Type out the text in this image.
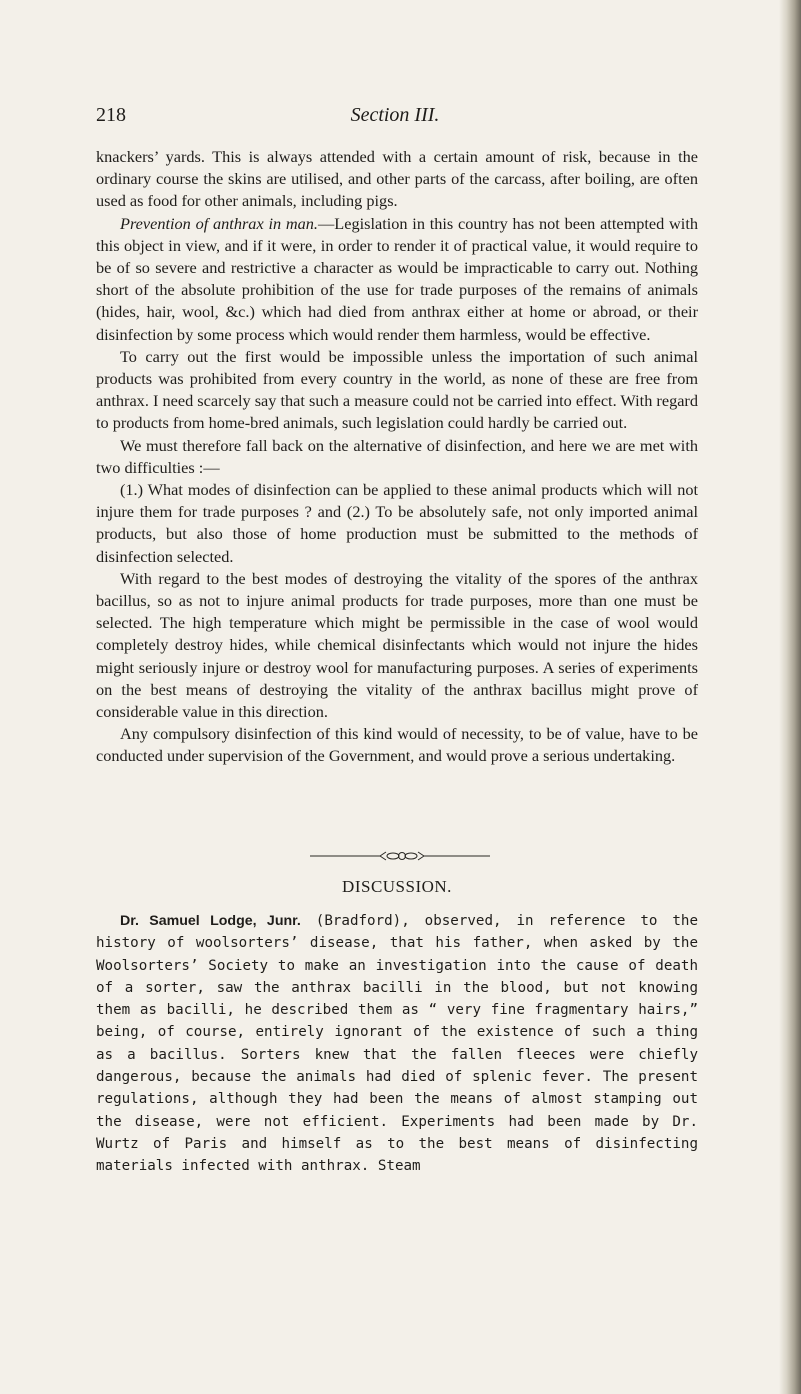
218	Section III.

knackers’ yards. This is always attended with a certain amount of risk, because in the ordinary course the skins are utilised, and other parts of the carcass, after boiling, are often used as food for other animals, including pigs.

Prevention of anthrax in man.—Legislation in this country has not been attempted with this object in view, and if it were, in order to render it of practical value, it would require to be of so severe and restrictive a character as would be impracticable to carry out. Nothing short of the absolute prohibition of the use for trade purposes of the remains of animals (hides, hair, wool, &c.) which had died from anthrax either at home or abroad, or their disinfection by some process which would render them harmless, would be effective.

To carry out the first would be impossible unless the importation of such animal products was prohibited from every country in the world, as none of these are free from anthrax. I need scarcely say that such a measure could not be carried into effect. With regard to products from home-bred animals, such legislation could hardly be carried out.

We must therefore fall back on the alternative of disinfection, and here we are met with two difficulties :—

(1.) What modes of disinfection can be applied to these animal products which will not injure them for trade purposes ? and (2.) To be absolutely safe, not only imported animal products, but also those of home production must be submitted to the methods of disinfection selected.

With regard to the best modes of destroying the vitality of the spores of the anthrax bacillus, so as not to injure animal products for trade purposes, more than one must be selected. The high temperature which might be permissible in the case of wool would completely destroy hides, while chemical disinfectants which would not injure the hides might seriously injure or destroy wool for manufacturing purposes. A series of experiments on the best means of destroying the vitality of the anthrax bacillus might prove of considerable value in this direction.

Any compulsory disinfection of this kind would of necessity, to be of value, have to be conducted under supervision of the Government, and would prove a serious undertaking.

DISCUSSION.

Dr. Samuel Lodge, Junr. (Bradford), observed, in reference to the history of woolsorters’ disease, that his father, when asked by the Woolsorters’ Society to make an investigation into the cause of death of a sorter, saw the anthrax bacilli in the blood, but not knowing them as bacilli, he described them as “ very fine fragmentary hairs,” being, of course, entirely ignorant of the existence of such a thing as a bacillus. Sorters knew that the fallen fleeces were chiefly dangerous, because the animals had died of splenic fever. The present regulations, although they had been the means of almost stamping out the disease, were not efficient. Experiments had been made by Dr. Wurtz of Paris and himself as to the best means of disinfecting materials infected with anthrax. Steam
